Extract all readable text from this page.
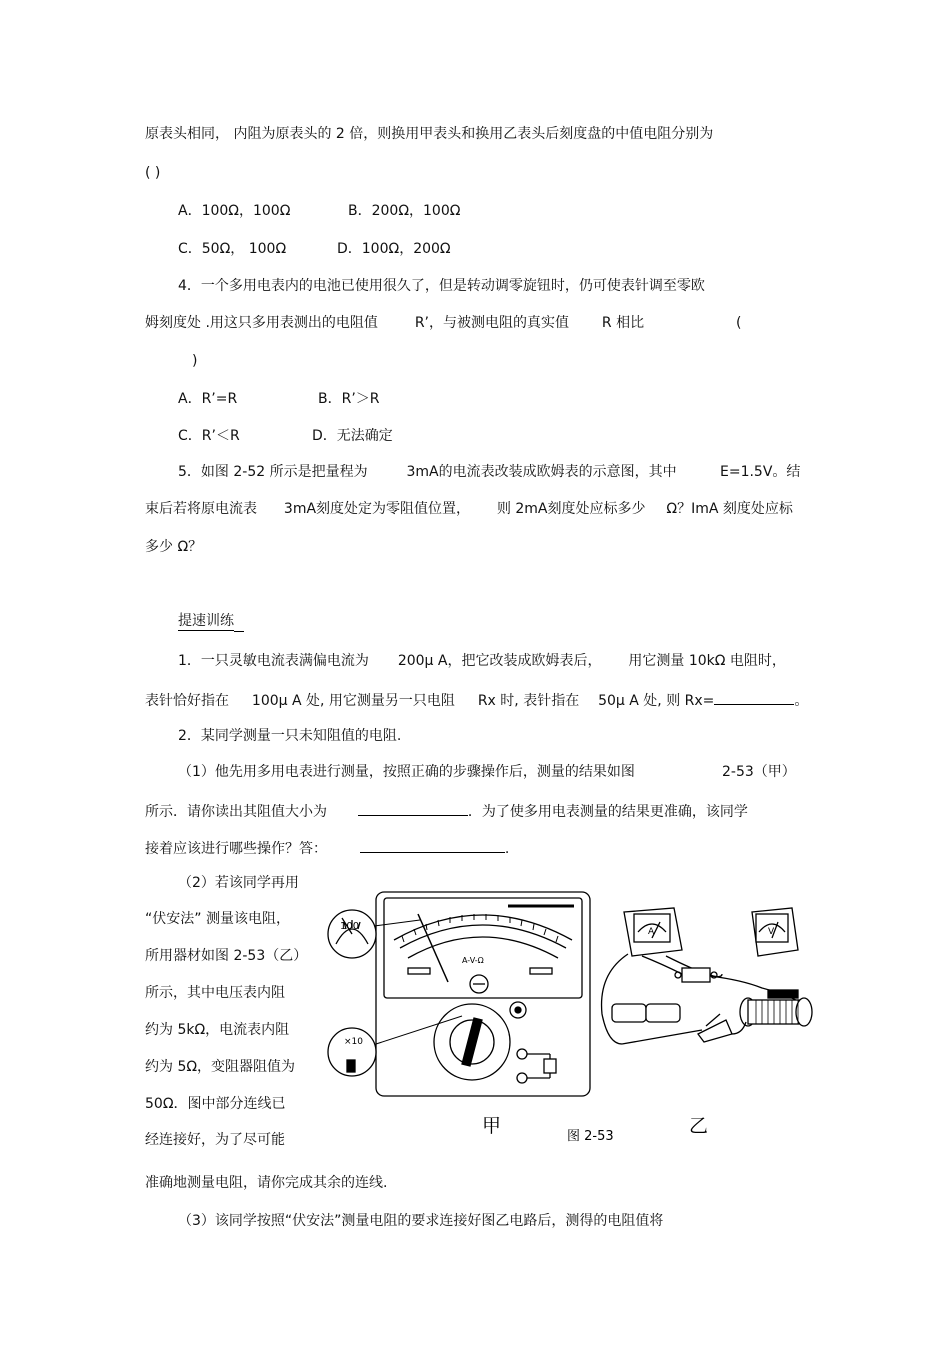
原表头相同， 内阻为原表头的 2 倍，则换用甲表头和换用乙表头后刻度盘的中值电阻分别为
( )
A．100Ω，100Ω	B．200Ω，100Ω
C．50Ω， 100Ω	D．100Ω，200Ω
4．一个多用电表内的电池已使用很久了，但是转动调零旋钮时，仍可使表针调至零欧
姆刻度处 .用这只多用表测出的电阻值	R’，与被测电阻的真实值 R 相比	(
)
A．R’=R	B．R’＞R
C．R’＜R	D．无法确定
5．如图 2-52 所示是把量程为	3mA的电流表改装成欧姆表的示意图，其中	E=1.5V。结
束后若将原电流表 3mA刻度处定为零阻值位置， 则 2mA刻度处应标多少 Ω？ImA 刻度处应标
多少 Ω？
提速训练
1．一只灵敏电流表满偏电流为 200μ A，把它改装成欧姆表后， 用它测量 10kΩ 电阻时，
表针恰好指在 100μ A 处, 用它测量另一只电阻 Rx 时, 表针指在 50μ A 处, 则 Rx=	。
2．某同学测量一只未知阻值的电阻.
（1）他先用多用电表进行测量，按照正确的步骤操作后，测量的结果如图	2-53（甲）
所示．请你读出其阻值大小为	．为了使多用电表测量的结果更准确，该同学
接着应该进行哪些操作？答：	.
（2）若该同学再用
“伏安法” 测量该电阻，
所用器材如图 2-53（乙）
所示，其中电压表内阻
约为 5kΩ，电流表内阻
约为 5Ω，变阻器阻值为
50Ω．图中部分连线已
经连接好，为了尽可能
准确地测量电阻，请你完成其余的连线.
（3）该同学按照“伏安法”测量电阻的要求连接好图乙电路后，测得的电阻值将
100
×10
A-V-Ω
甲
A	V
乙
图 2-53
